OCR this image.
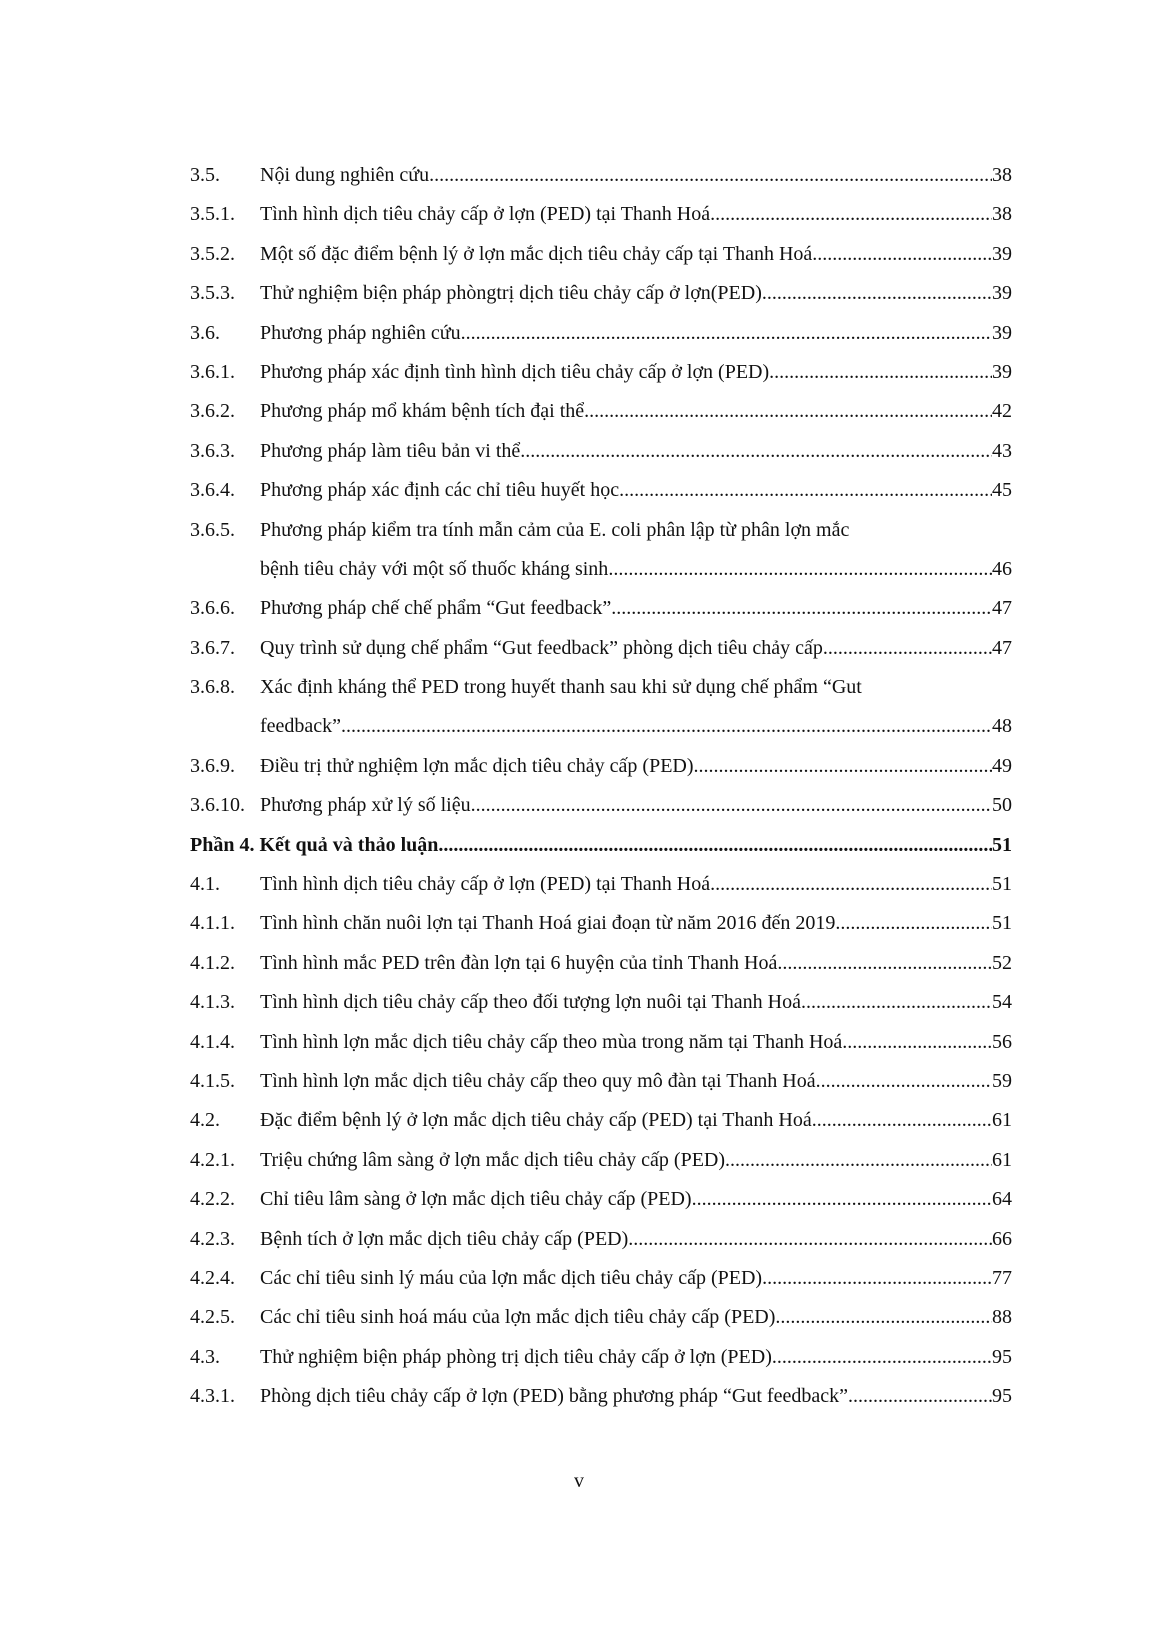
3.5. Nội dung nghiên cứu .....	38
3.5.1. Tình hình dịch tiêu chảy cấp ở lợn (PED) tại Thanh Hoá .....	38
3.5.2. Một số đặc điểm bệnh lý ở lợn mắc dịch tiêu chảy cấp tại Thanh Hoá .....	39
3.5.3. Thử nghiệm biện pháp phòngtrị dịch tiêu chảy cấp ở lợn(PED) .....	39
3.6. Phương pháp nghiên cứu .....	39
3.6.1. Phương pháp xác định tình hình dịch tiêu chảy cấp ở lợn (PED) .....	39
3.6.2. Phương pháp mổ khám bệnh tích đại thể .....	42
3.6.3. Phương pháp làm tiêu bản vi thể .....	43
3.6.4. Phương pháp xác định các chỉ tiêu huyết học .....	45
3.6.5. Phương pháp kiểm tra tính mẫn cảm của E. coli phân lập từ phân lợn mắc
bệnh tiêu chảy với một số thuốc kháng sinh .....	46
3.6.6. Phương pháp chế chế phẩm “Gut feedback” .....	47
3.6.7. Quy trình sử dụng chế phẩm “Gut feedback” phòng dịch tiêu chảy cấp .....	47
3.6.8. Xác định kháng thể PED trong huyết thanh sau khi sử dụng chế phẩm “Gut
feedback” .....	48
3.6.9. Điều trị thử nghiệm lợn mắc dịch tiêu chảy cấp (PED) .....	49
3.6.10. Phương pháp xử lý số liệu .....	50
Phần 4. Kết quả và thảo luận .....	51
4.1. Tình hình dịch tiêu chảy cấp ở lợn (PED) tại Thanh Hoá .....	51
4.1.1. Tình hình chăn nuôi lợn tại Thanh Hoá giai đoạn từ năm 2016 đến 2019 .....	51
4.1.2. Tình hình mắc PED trên đàn lợn tại 6 huyện của tỉnh Thanh Hoá .....	52
4.1.3. Tình hình dịch tiêu chảy cấp theo đối tượng lợn nuôi tại Thanh Hoá .....	54
4.1.4. Tình hình lợn mắc dịch tiêu chảy cấp theo mùa trong năm tại Thanh Hoá .....	56
4.1.5. Tình hình lợn mắc dịch tiêu chảy cấp theo quy mô đàn tại Thanh Hoá .....	59
4.2. Đặc điểm bệnh lý ở lợn mắc dịch tiêu chảy cấp (PED) tại Thanh Hoá .....	61
4.2.1. Triệu chứng lâm sàng ở lợn mắc dịch tiêu chảy cấp (PED) .....	61
4.2.2. Chỉ tiêu lâm sàng ở lợn mắc dịch tiêu chảy cấp (PED) .....	64
4.2.3. Bệnh tích ở lợn mắc dịch tiêu chảy cấp (PED) .....	66
4.2.4. Các chỉ tiêu sinh lý máu của lợn mắc dịch tiêu chảy cấp (PED) .....	77
4.2.5. Các chỉ tiêu sinh hoá máu của lợn mắc dịch tiêu chảy cấp (PED) .....	88
4.3. Thử nghiệm biện pháp phòng trị dịch tiêu chảy cấp ở lợn (PED) .....	95
4.3.1. Phòng dịch tiêu chảy cấp ở lợn (PED) bằng phương pháp “Gut feedback” .....	95
v
